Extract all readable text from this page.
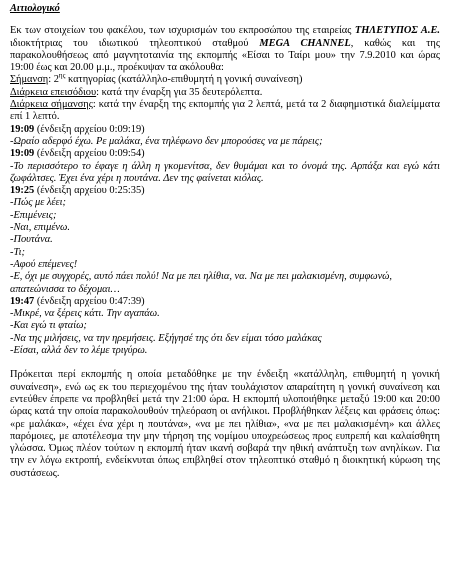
Αιτιολογικό

Εκ των στοιχείων του φακέλου, των ισχυρισμών του εκπροσώπου της εταιρείας ΤΗΛΕΤΥΠΟΣ Α.Ε. ιδιοκτήτριας του ιδιωτικού τηλεοπτικού σταθμού MEGA CHANNEL, καθώς και της παρακολουθήσεως από μαγνητοταινία της εκπομπής «Είσαι το Ταίρι μου» την 7.9.2010 και ώρας 19:00 έως και 20.00 μ.μ., προέκυψαν τα ακόλουθα:

Σήμανση: $2^{\eta\varsigma}$ κατηγορίας (κατάλληλο-επιθυμητή η γονική συναίνεση)

Διάρκεια επεισόδιου: κατά την έναρξη για 35 δευτερόλεπτα.

Διάρκεια σήμανσης: κατά την έναρξη της εκπομπής για 2 λεπτά, μετά τα 2 διαφημιστικά διαλείμματα επί 1 λεπτό.

19:09 (ένδειξη αρχείου 0:09:19)

-Ωραίο αδερφό έχω. Ρε μαλάκα, ένα τηλέφωνο δεν μπορούσες να με πάρεις;

19:09 (ένδειξη αρχείου 0:09:54)

-Το περισσότερο το έφαγε η άλλη η γκομενίτσα, δεν θυμάμαι και το όνομά της. Αρπάξα και εγώ κάτι ζωφάλτσες. Έχει ένα χέρι η πουτάνα. Δεν της φαίνεται κιόλας.

19:25 (ένδειξη αρχείου 0:25:35)

-Πώς με λέει;

-Επιμένεις;

-Ναι, επιμένω.

-Πουτάνα.

-Τι;

-Αφού επέμενες!

-Ε, όχι με συγχορές, αυτό πάει πολύ! Να με πει ηλίθια, να. Να με πει μαλακισμένη, συμφωνώ, απατεώνισσα το δέχομαι…

19:47 (ένδειξη αρχείου 0:47:39)

-Μικρέ, να ξέρεις κάτι. Την αγαπάω.

-Και εγώ τι φταίω;

-Να της μιλήσεις, να την ηρεμήσεις. Εξήγησέ της ότι δεν είμαι τόσο μαλάκας

-Είσαι, αλλά δεν το λέμε τριγύρω.

Πρόκειται περί εκπομπής η οποία μεταδόθηκε με την ένδειξη «κατάλληλη, επιθυμητή η γονική συναίνεση», ενώ ως εκ του περιεχομένου της ήταν τουλάχιστον απαραίτητη η γονική συναίνεση και εντεύθεν έπρεπε να προβληθεί μετά την 21:00 ώρα. Η εκπομπή υλοποιήθηκε μεταξύ 19:00 και 20:00 ώρας κατά την οποία παρακολουθούν τηλεόραση οι ανήλικοι. Προβλήθηκαν λέξεις και φράσεις όπως: «ρε μαλάκα», «έχει ένα χέρι η πουτάνα», «να με πει ηλίθια», «να με πει μαλακισμένη» και άλλες παρόμοιες, με αποτέλεσμα την μην τήρηση της νομίμου υποχρεώσεως προς ευπρεπή και καλαίσθητη γλώσσα. Όμως πλέον τούτων η εκπομπή ήταν ικανή σοβαρά την ηθική ανάπτυξη των ανηλίκων. Για την εν λόγω εκτροπή, ενδείκνυται όπως επιβληθεί στον τηλεοπτικό σταθμό η διοικητική κύρωση της συστάσεως.
